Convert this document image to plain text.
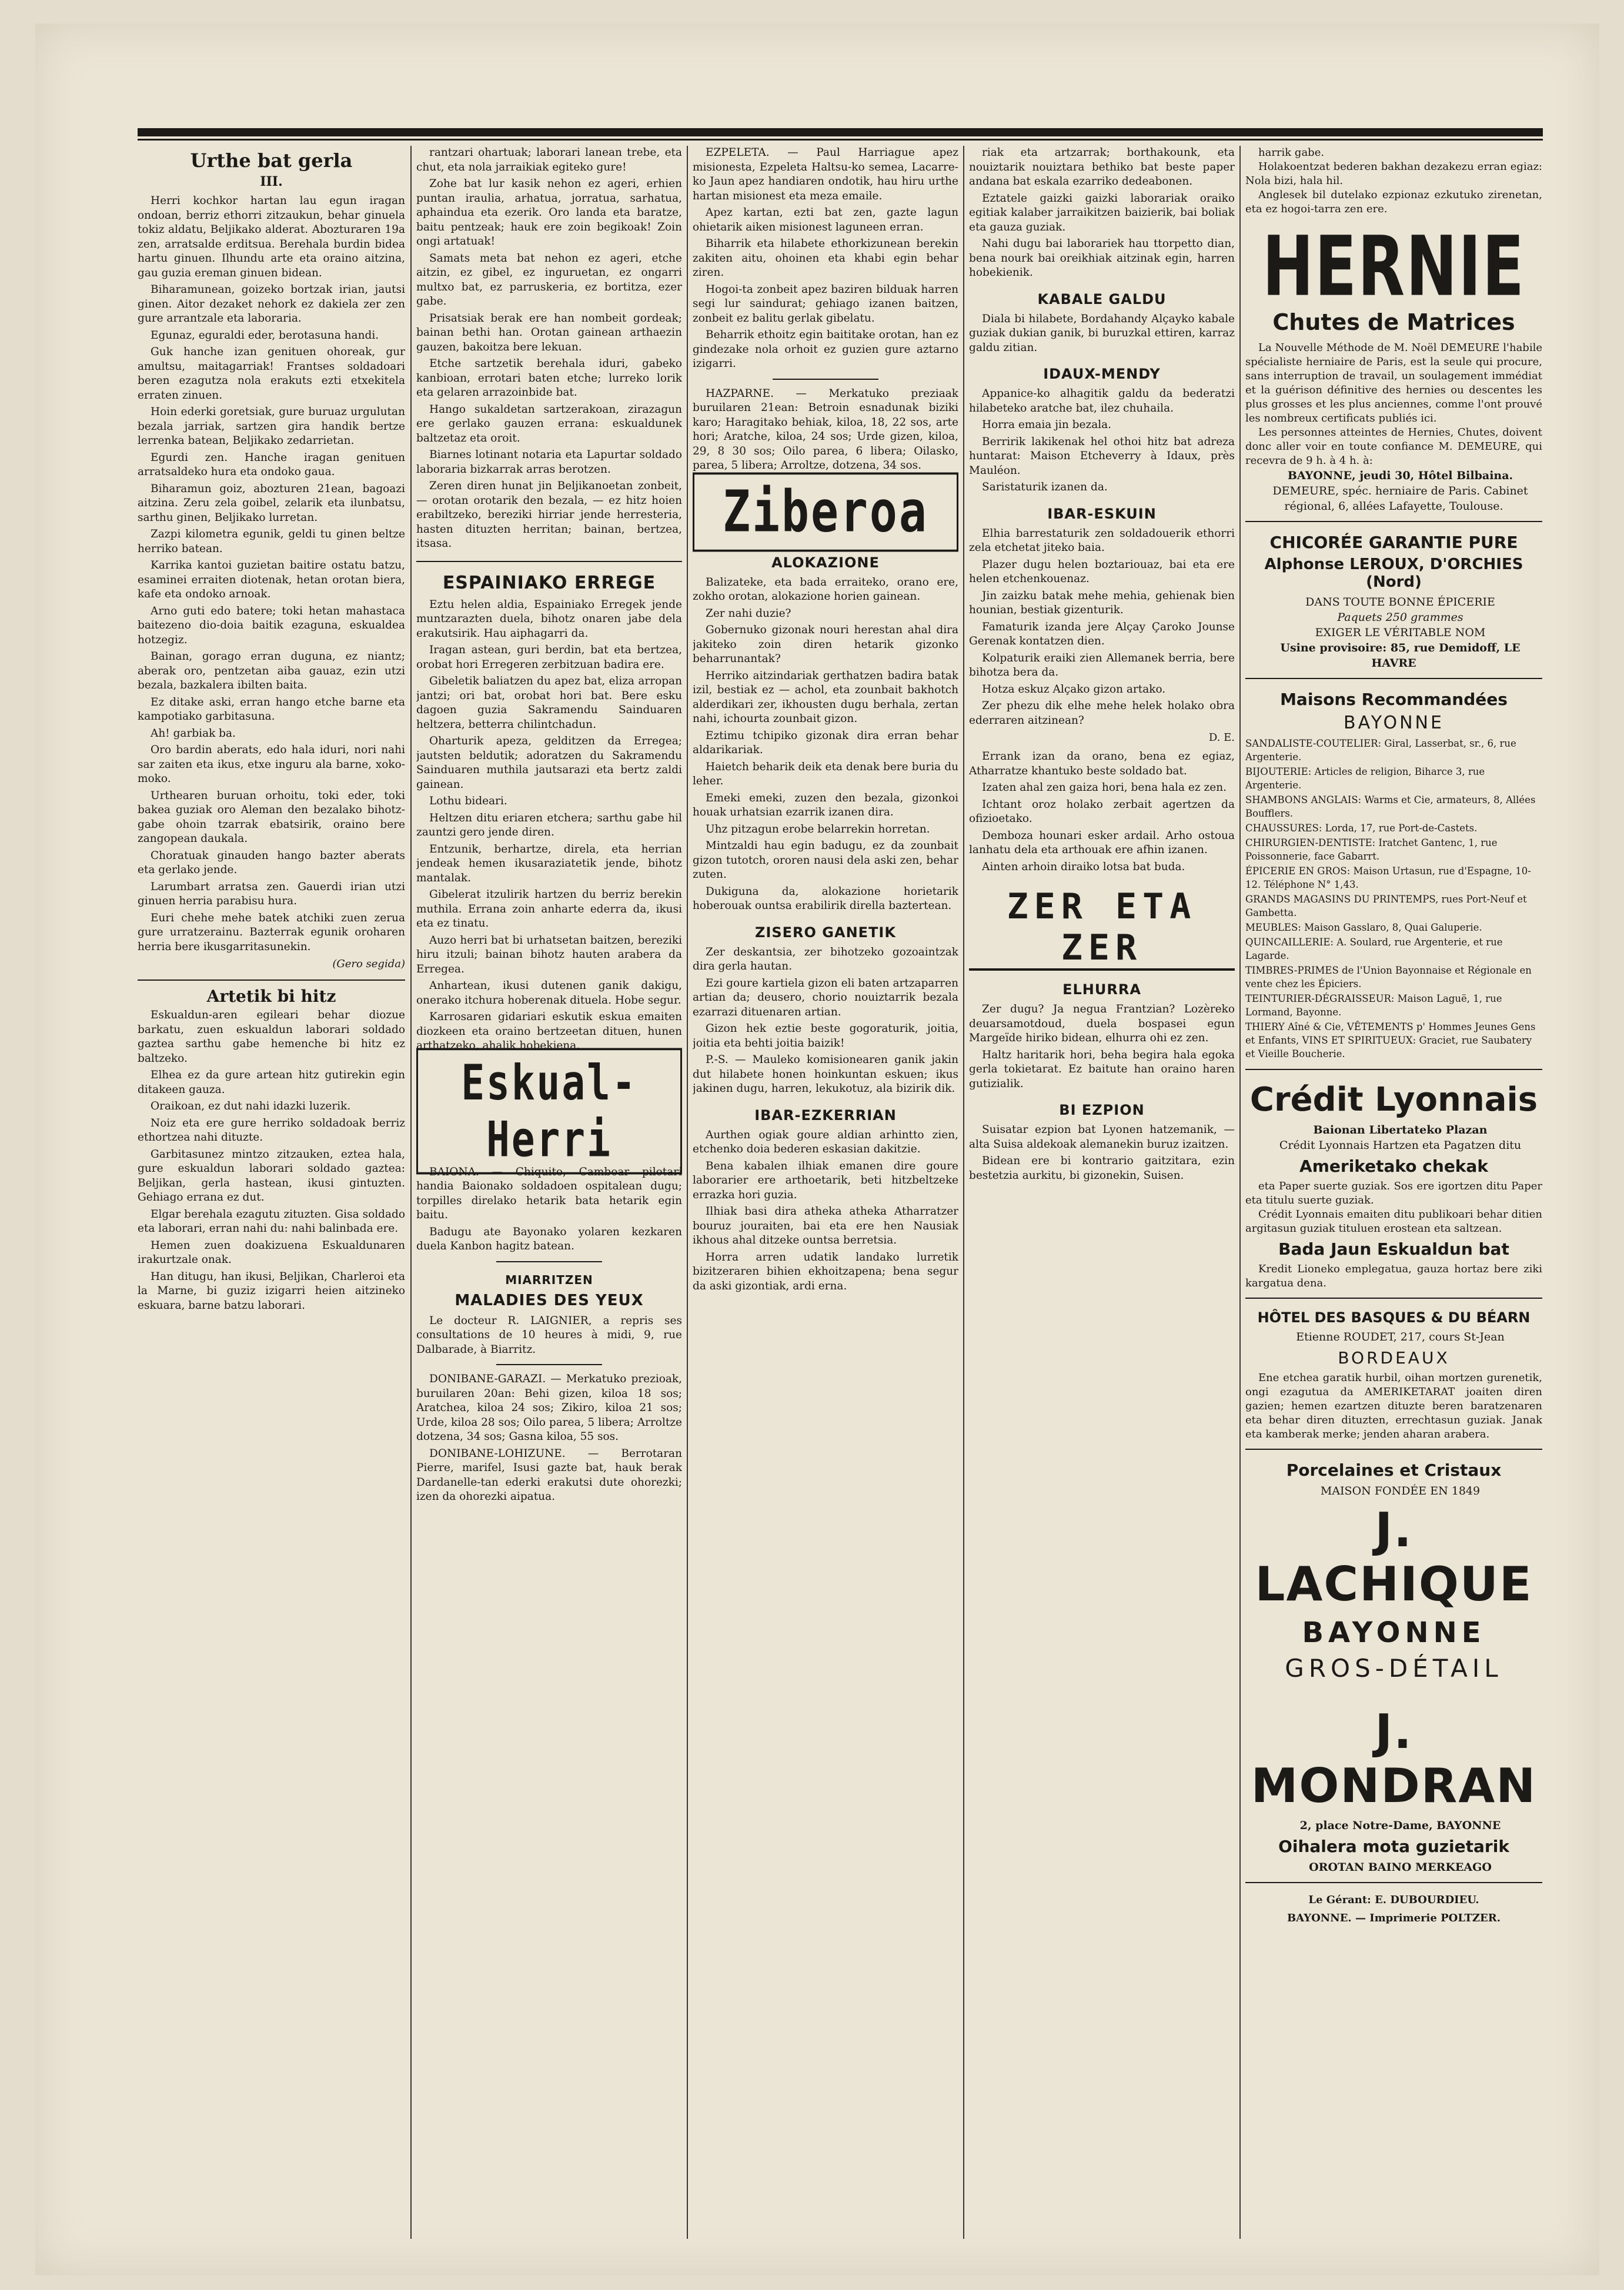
Urthe bat gerla
III.

Herri kochkor hartan lau egun iragan ondoan, berriz ethorri zitzaukun, behar ginuela tokiz aldatu, Beljikako alderat. Abozturaren 19a zen, arratsalde erditsua. Berehala burdin bidea hartu ginuen. Ilhundu arte eta oraino aitzina, gau guzia ereman ginuen bidean.

Biharamunean, goizeko bortzak irian, jautsi ginen. Aitor dezaket nehork ez dakiela zer zen gure arrantzale eta laboraria.

Egunaz, eguraldi eder, berotasuna handi.

Guk hanche izan genituen ohoreak, gur amultsu, maitagarriak! Frantses soldadoari beren ezagutza nola erakuts ezti etxekitela erraten zinuen.

Hoin ederki goretsiak, gure buruaz urgulutan bezala jarriak, sartzen gira handik bertze lerrenka batean, Beljikako zedarrietan.

Egurdi zen. Hanche iragan genituen arratsaldeko hura eta ondoko gaua.

Biharamun goiz, abozturen 21ean, bagoazi aitzina. Zeru zela goibel, zelarik eta ilunbatsu, sarthu ginen, Beljikako lurretan.

Zazpi kilometra egunik, geldi tu ginen beltze herriko batean.

Karrika kantoi guzietan baitire ostatu batzu, esaminei erraiten diotenak, hetan orotan biera, kafe eta ondoko arnoak.

Arno guti edo batere; toki hetan mahastaca baitezeno dio-doia baitik ezaguna, eskualdea hotzegiz.

Bainan, gorago erran duguna, ez niantz; aberak oro, pentzetan aiba gauaz, ezin utzi bezala, bazkalera ibilten baita.

Ez ditake aski, erran hango etche barne eta kampotiako garbitasuna.

Ah! garbiak ba.

Oro bardin aberats, edo hala iduri, nori nahi sar zaiten eta ikus, etxe inguru ala barne, xoko-moko.

Urthearen buruan orhoitu, toki eder, toki bakea guziak oro Aleman den bezalako bihotz-gabe ohoin tzarrak ebatsirik, oraino bere zangopean daukala.

Choratuak ginauden hango bazter aberats eta gerlako jende.

Larumbart arratsa zen. Gauerdi irian utzi ginuen herria parabisu hura.

Euri chehe mehe batek atchiki zuen zerua gure urratzerainu. Bazterrak egunik oroharen herria bere ikusgarritasunekin.

(Gero segida)
Artetik bi hitz

Eskualdun-aren egileari behar diozue barkatu, zuen eskualdun laborari soldado gaztea sarthu gabe hemenche bi hitz ez baltzeko.

Elhea ez da gure artean hitz gutirekin egin ditakeen gauza.

Oraikoan, ez dut nahi idazki luzerik.

Noiz eta ere gure herriko soldadoak berriz ethortzea nahi dituzte.

Garbitasunez mintzo zitzauken, eztea hala, gure eskualdun laborari soldado gaztea: Beljikan, gerla hastean, ikusi gintuzten. Gehiago errana ez dut.

Elgar berehala ezagutu zituzten. Gisa soldado eta laborari, erran nahi du: nahi balinbada ere.

Hemen zuen doakizuena Eskualdunaren irakurtzale onak.

Han ditugu, han ikusi, Beljikan, Charleroi eta la Marne, bi guziz izigarri heien aitzineko eskuara, barne batzu laborari.

rantzari ohartuak; laborari lanean trebe, eta chut, eta nola jarraikiak egiteko gure!

Zohe bat lur kasik nehon ez ageri, erhien puntan iraulia, arhatua, jorratua, sarhatua, aphaindua eta ezerik. Oro landa eta baratze, baitu pentzeak; hauk ere zoin begikoak! Zoin ongi artatuak!

Samats meta bat nehon ez ageri, etche aitzin, ez gibel, ez inguruetan, ez ongarri multxo bat, ez parruskeria, ez bortitza, ezer gabe.

Prisatsiak berak ere han nombeit gordeak; bainan bethi han. Orotan gainean arthaezin gauzen, bakoitza bere lekuan.

Etche sartzetik berehala iduri, gabeko kanbioan, errotari baten etche; lurreko lorik eta gelaren arrazoinbide bat.

Hango sukaldetan sartzerakoan, zirazagun ere gerlako gauzen errana: eskualdunek baltzetaz eta oroit.

Biarnes lotinant notaria eta Lapurtar soldado laboraria bizkarrak arras berotzen.

Zeren diren hunat jin Beljikanoetan zonbeit, — orotan orotarik den bezala, — ez hitz hoien erabiltzeko, bereziki hirriar jende herresteria, hasten dituzten herritan; bainan, bertzea, itsasa.

ESPAINIAKO ERREGE

Eztu helen aldia, Espainiako Erregek jende muntzarazten duela, bihotz onaren jabe dela erakutsirik. Hau aiphagarri da.

Iragan astean, guri berdin, bat eta bertzea, orobat hori Erregeren zerbitzuan badira ere.

Gibeletik baliatzen du apez bat, eliza arropan jantzi; ori bat, orobat hori bat. Bere esku dagoen guzia Sakramendu Sainduaren heltzera, betterra chilintchadun.

Oharturik apeza, gelditzen da Erregea; jautsten beldutik; adoratzen du Sakramendu Sainduaren muthila jautsarazi eta bertz zaldi gainean.

Lothu bideari.

Heltzen ditu eriaren etchera; sarthu gabe hil zauntzi gero jende diren.

Entzunik, berhartze, direla, eta herrian jendeak hemen ikusaraziatetik jende, bihotz mantalak.

Gibelerat itzulirik hartzen du berriz berekin muthila. Errana zoin anharte ederra da, ikusi eta ez tinatu.

Auzo herri bat bi urhatsetan baitzen, bereziki hiru itzuli; bainan bihotz hauten arabera da Erregea.

Anhartean, ikusi dutenen ganik dakigu, onerako itchura hoberenak dituela. Hobe segur.

Karrosaren gidariari eskutik eskua emaiten diozkeen eta oraino bertzeetan dituen, hunen arthatzeko, ahalik hobekiena.

Eskual-Herri

BAIONA. — Chiquito, Camboar pilotari handia Baionako soldadoen ospitalean dugu; torpilles direlako hetarik bata hetarik egin baitu.

Badugu ate Bayonako yolaren kezkaren duela Kanbon hagitz batean.

MIARRITZEN
MALADIES DES YEUX

Le docteur R. LAIGNIER, a repris ses consultations de 10 heures à midi, 9, rue Dalbarade, à Biarritz.

DONIBANE-GARAZI. — Merkatuko prezioak, buruilaren 20an: Behi gizen, kiloa 18 sos; Aratchea, kiloa 24 sos; Zikiro, kiloa 21 sos; Urde, kiloa 28 sos; Oilo parea, 5 libera; Arroltze dotzena, 34 sos; Gasna kiloa, 55 sos.

DONIBANE-LOHIZUNE. — Berrotaran Pierre, marifel, Isusi gazte bat, hauk berak Dardanelle-tan ederki erakutsi dute ohorezki; izen da ohorezki aipatua.

EZPELETA. — Paul Harriague apez misionesta, Ezpeleta Haltsu-ko semea, Lacarre-ko Jaun apez handiaren ondotik, hau hiru urthe hartan misionest eta meza emaile.

Apez kartan, ezti bat zen, gazte lagun ohietarik aiken misionest laguneen erran.

Biharrik eta hilabete ethorkizunean berekin zakiten aitu, ohoinen eta khabi egin behar ziren.

Hogoi-ta zonbeit apez baziren bilduak harren segi lur saindurat; gehiago izanen baitzen, zonbeit ez balitu gerlak gibelatu.

Beharrik ethoitz egin baititake orotan, han ez gindezake nola orhoit ez guzien gure aztarno izigarri.

HAZPARNE. — Merkatuko preziaak buruilaren 21ean: Betroin esnadunak biziki karo; Haragitako behiak, kiloa, 18, 22 sos, arte hori; Aratche, kiloa, 24 sos; Urde gizen, kiloa, 29, 8 30 sos; Oilo parea, 6 libera; Oilasko, parea, 5 libera; Arroltze, dotzena, 34 sos.

Ziberoa
ALOKAZIONE

Balizateke, eta bada erraiteko, orano ere, zokho orotan, alokazione horien gainean.

Zer nahi duzie?

Gobernuko gizonak nouri herestan ahal dira jakiteko zoin diren hetarik gizonko beharrunantak?

Herriko aitzindariak gerthatzen badira batak izil, bestiak ez — achol, eta zounbait bakhotch alderdikari zer, ikhousten dugu berhala, zertan nahi, ichourta zounbait gizon.

Eztimu tchipiko gizonak dira erran behar aldarikariak.

Haietch beharik deik eta denak bere buria du leher.

Emeki emeki, zuzen den bezala, gizonkoi houak urhatsian ezarrik izanen dira.

Uhz pitzagun erobe belarrekin horretan.

Mintzaldi hau egin badugu, ez da zounbait gizon tutotch, ororen nausi dela aski zen, behar zuten.

Dukiguna da, alokazione horietarik hoberouak ountsa erabilirik dirella baztertean.

ZISERO GANETIK

Zer deskantsia, zer bihotzeko gozoaintzak dira gerla hautan.

Ezi goure kartiela gizon eli baten artzaparren artian da; deusero, chorio nouiztarrik bezala ezarrazi dituenaren artian.

Gizon hek eztie beste gogoraturik, joitia, joitia eta behti joitia baizik!

P.-S. — Mauleko komisionearen ganik jakin dut hilabete honen hoinkuntan eskuen; ikus jakinen dugu, harren, lekukotuz, ala bizirik dik.

IBAR-EZKERRIAN

Aurthen ogiak goure aldian arhintto zien, etchenko doia bederen eskasian dakitzie.

Bena kabalen ilhiak emanen dire goure laborarier ere arthoetarik, beti hitzbeltzeke errazka hori guzia.

Ilhiak basi dira atheka atheka Atharratzer bouruz jouraiten, bai eta ere hen Nausiak ikhous ahal ditzeke ountsa berretsia.

Horra arren udatik landako lurretik bizitzeraren bihien ekhoitzapena; bena segur da aski gizontiak, ardi erna.

riak eta artzarrak; borthakounk, eta nouiztarik nouiztara bethiko bat beste paper andana bat eskala ezarriko dedeabonen.

Eztatele gaizki gaizki laborariak oraiko egitiak kalaber jarraikitzen baizierik, bai boliak eta gauza guziak.

Nahi dugu bai laborariek hau ttorpetto dian, bena nourk bai oreikhiak aitzinak egin, harren hobekienik.

KABALE GALDU

Diala bi hilabete, Bordahandy Alçayko kabale guziak dukian ganik, bi buruzkal ettiren, karraz galdu zitian.

IDAUX-MENDY

Appanice-ko alhagitik galdu da bederatzi hilabeteko aratche bat, ilez chuhaila.

Horra emaia jin bezala.

Berririk lakikenak hel othoi hitz bat adreza huntarat: Maison Etcheverry à Idaux, près Mauléon.

Saristaturik izanen da.

IBAR-ESKUIN

Elhia barrestaturik zen soldadouerik ethorri zela etchetat jiteko baia.

Plazer dugu helen boztariouaz, bai eta ere helen etchenkouenaz.

Jin zaizku batak mehe mehia, gehienak bien hounian, bestiak gizenturik.

Famaturik izanda jere Alçay Çaroko Jounse Gerenak kontatzen dien.

Kolpaturik eraiki zien Allemanek berria, bere bihotza bera da.

Hotza eskuz Alçako gizon artako.

Zer phezu dik elhe mehe helek holako obra ederraren aitzinean?

D. E.

Errank izan da orano, bena ez egiaz, Atharratze khantuko beste soldado bat.

Izaten ahal zen gaiza hori, bena hala ez zen.

Ichtant oroz holako zerbait agertzen da ofizioetako.

Demboza hounari esker ardail. Arho ostoua lanhatu dela eta arthouak ere afhin izanen.

Ainten arhoin diraiko lotsa bat buda.

ZER ETA ZER
ELHURRA

Zer dugu? Ja negua Frantzian? Lozèreko deuarsamotdoud, duela bospasei egun Margeïde hiriko bidean, elhurra ohi ez zen.

Haltz haritarik hori, beha begira hala egoka gerla tokietarat. Ez baitute han oraino haren gutizialik.

BI EZPION

Suisatar ezpion bat Lyonen hatzemanik, — alta Suisa aldekoak alemanekin buruz izaitzen.

Bidean ere bi kontrario gaitzitara, ezin bestetzia aurkitu, bi gizonekin, Suisen.

harrik gabe.

Holakoentzat bederen bakhan dezakezu erran egiaz: Nola bizi, hala hil.

Anglesek bil dutelako ezpionaz ezkutuko zirenetan, eta ez hogoi-tarra zen ere.

HERNIE
Chutes de Matrices

La Nouvelle Méthode de M. Noël DEMEURE l'habile spécialiste herniaire de Paris, est la seule qui procure, sans interruption de travail, un soulagement immédiat et la guérison définitive des hernies ou descentes les plus grosses et les plus anciennes, comme l'ont prouvé les nombreux certificats publiés ici.

Les personnes atteintes de Hernies, Chutes, doivent donc aller voir en toute confiance M. DEMEURE, qui recevra de 9 h. à 4 h. à:

BAYONNE, jeudi 30, Hôtel Bilbaina.

DEMEURE, spéc. herniaire de Paris. Cabinet régional, 6, allées Lafayette, Toulouse.

CHICORÉE GARANTIE PURE
Alphonse LEROUX, D'ORCHIES (Nord)

DANS TOUTE BONNE ÉPICERIE

Paquets 250 grammes

EXIGER LE VÉRITABLE NOM

Usine provisoire: 85, rue Demidoff, LE HAVRE

Maisons Recommandées
BAYONNE
SANDALISTE-COUTELIER: Giral, Lasserbat, sr., 6, rue Argenterie.
BIJOUTERIE: Articles de religion, Biharce 3, rue Argenterie.
SHAMBONS ANGLAIS: Warms et Cie, armateurs, 8, Allées Boufflers.
CHAUSSURES: Lorda, 17, rue Port-de-Castets.
CHIRURGIEN-DENTISTE: Iratchet Gantenc, 1, rue Poissonnerie, face Gabarrt.
ÉPICERIE EN GROS: Maison Urtasun, rue d'Espagne, 10-12. Téléphone N° 1,43.
GRANDS MAGASINS DU PRINTEMPS, rues Port-Neuf et Gambetta.
MEUBLES: Maison Gasslaro, 8, Quai Galuperie.
QUINCAILLERIE: A. Soulard, rue Argenterie, et rue Lagarde.
TIMBRES-PRIMES de l'Union Bayonnaise et Régionale en vente chez les Épiciers.
TEINTURIER-DÉGRAISSEUR: Maison Laguë, 1, rue Lormand, Bayonne.
THIERY Aîné & Cie, VÊTEMENTS p' Hommes Jeunes Gens et Enfants, VINS ET SPIRITUEUX: Graciet, rue Saubatery et Vieille Boucherie.
Crédit Lyonnais

Baionan Libertateko Plazan

Crédit Lyonnais Hartzen eta Pagatzen ditu

Ameriketako chekak

eta Paper suerte guziak. Sos ere igortzen ditu Paper eta titulu suerte guziak.

Crédit Lyonnais emaiten ditu publikoari behar ditien argitasun guziak tituluen erostean eta saltzean.

Bada Jaun Eskualdun bat

Kredit Lioneko emplegatua, gauza hortaz bere ziki kargatua dena.

HÔTEL DES BASQUES & DU BÉARN

Etienne ROUDET, 217, cours St-Jean

BORDEAUX

Ene etchea garatik hurbil, oihan mortzen gurenetik, ongi ezagutua da AMERIKETARAT joaiten diren gazien; hemen ezartzen dituzte beren baratzenaren eta behar diren dituzten, errechtasun guziak. Janak eta kamberak merke; jenden aharan arabera.

Porcelaines et Cristaux

MAISON FONDÉE EN 1849

J. LACHIQUE
BAYONNE
GROS-DÉTAIL
J. MONDRAN

2, place Notre-Dame, BAYONNE

Oihalera mota guzietarik

OROTAN BAINO MERKEAGO

Le Gérant: E. DUBOURDIEU.
BAYONNE. — Imprimerie POLTZER.
